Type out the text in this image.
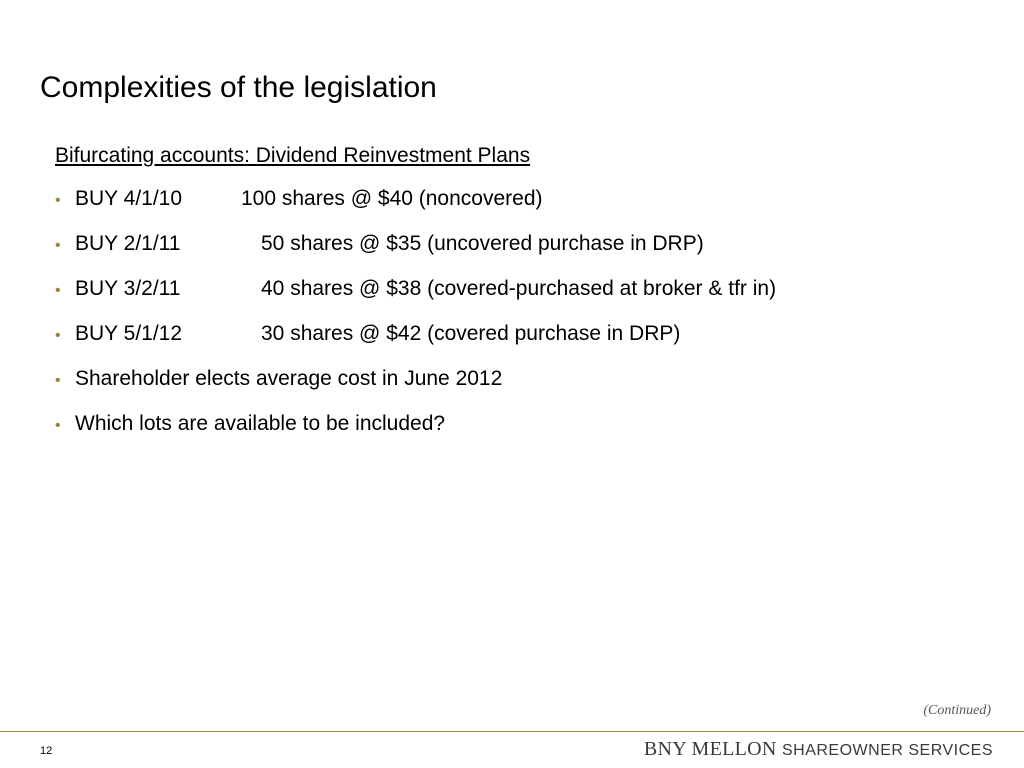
Complexities of the legislation
Bifurcating accounts: Dividend Reinvestment Plans
• BUY 4/1/10	100 shares @ $40 (noncovered)
• BUY 2/1/11	50 shares @ $35 (uncovered purchase in DRP)
• BUY 3/2/11	40 shares @ $38 (covered-purchased at broker & tfr in)
• BUY 5/1/12	30 shares @ $42 (covered purchase in DRP)
• Shareholder elects average cost in June 2012
• Which lots are available to be included?
(Continued)
12	BNY MELLON SHAREOWNER SERVICES
